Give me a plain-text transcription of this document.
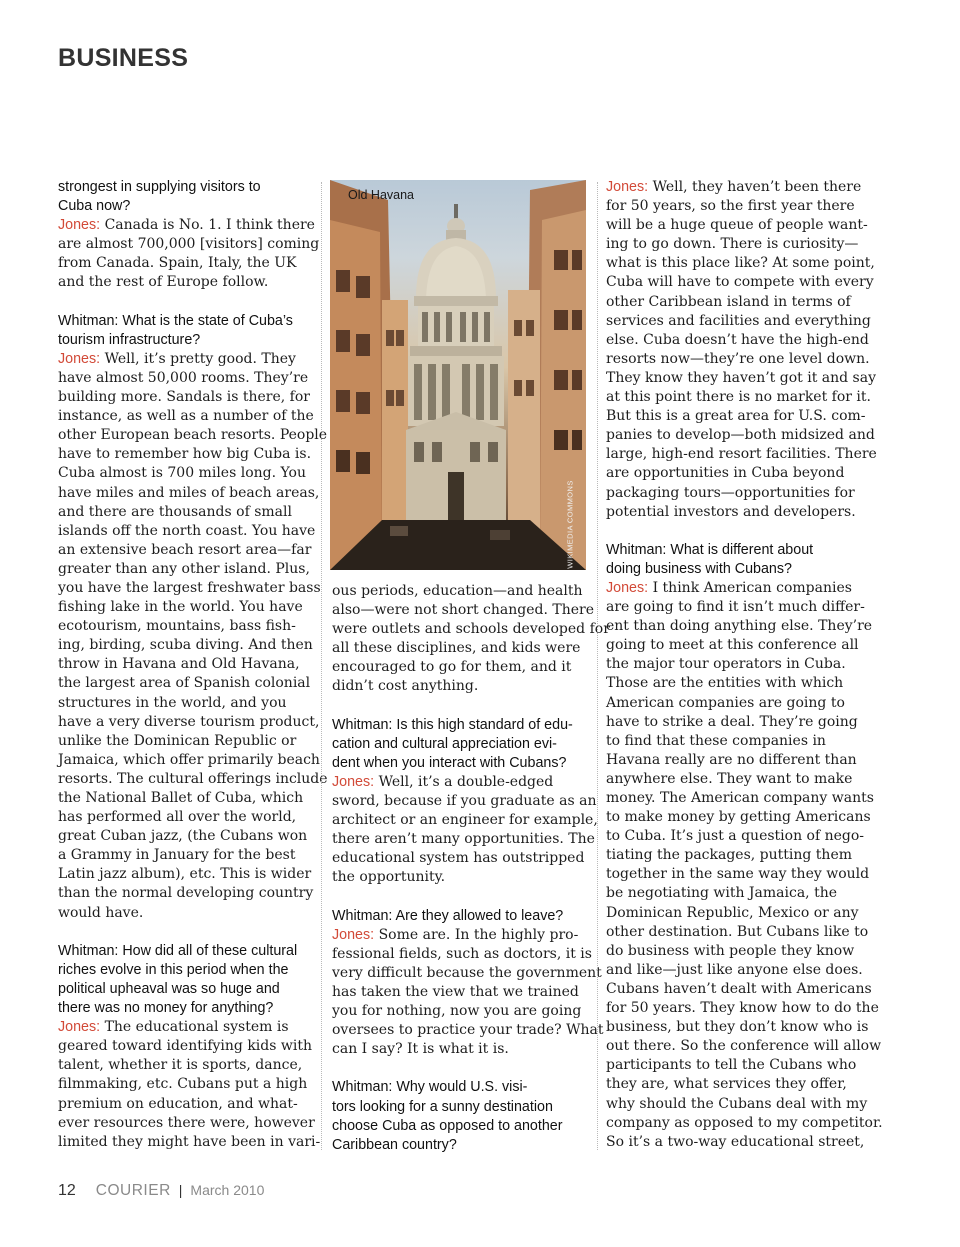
BUSINESS
strongest in supplying visitors to
Cuba now?
Jones: Canada is No. 1. I think there
are almost 700,000 [visitors] coming
from Canada. Spain, Italy, the UK
and the rest of Europe follow.
Whitman: What is the state of Cuba’s
tourism infrastructure?
Jones: Well, it’s pretty good. They
have almost 50,000 rooms. They’re
building more. Sandals is there, for
instance, as well as a number of the
other European beach resorts. People
have to remember how big Cuba is.
Cuba almost is 700 miles long. You
have miles and miles of beach areas,
and there are thousands of small
islands off the north coast. You have
an extensive beach resort area—far
greater than any other island. Plus,
you have the largest freshwater bass
fishing lake in the world. You have
ecotourism, mountains, bass fish-
ing, birding, scuba diving. And then
throw in Havana and Old Havana,
the largest area of Spanish colonial
structures in the world, and you
have a very diverse tourism product,
unlike the Dominican Republic or
Jamaica, which offer primarily beach
resorts. The cultural offerings include
the National Ballet of Cuba, which
has performed all over the world,
great Cuban jazz, (the Cubans won
a Grammy in January for the best
Latin jazz album), etc. This is wider
than the normal developing country
would have.
Whitman: How did all of these cultural
riches evolve in this period when the
political upheaval was so huge and
there was no money for anything?
Jones: The educational system is
geared toward identifying kids with
talent, whether it is sports, dance,
filmmaking, etc. Cubans put a high
premium on education, and what-
ever resources there were, however
limited they might have been in vari-
Old Havana
WIKIMEDIA COMMONS
ous periods, education—and health
also—were not short changed. There
were outlets and schools developed for
all these disciplines, and kids were
encouraged to go for them, and it
didn’t cost anything.
Whitman: Is this high standard of edu-
cation and cultural appreciation evi-
dent when you interact with Cubans?
Jones: Well, it’s a double-edged
sword, because if you graduate as an
architect or an engineer for example,
there aren’t many opportunities. The
educational system has outstripped
the opportunity.
Whitman: Are they allowed to leave?
Jones: Some are. In the highly pro-
fessional fields, such as doctors, it is
very difficult because the government
has taken the view that we trained
you for nothing, now you are going
oversees to practice your trade? What
can I say? It is what it is.
Whitman: Why would U.S. visi-
tors looking for a sunny destination
choose Cuba as opposed to another
Caribbean country?
Jones: Well, they haven’t been there
for 50 years, so the first year there
will be a huge queue of people want-
ing to go down. There is curiosity—
what is this place like? At some point,
Cuba will have to compete with every
other Caribbean island in terms of
services and facilities and everything
else. Cuba doesn’t have the high-end
resorts now—they’re one level down.
They know they haven’t got it and say
at this point there is no market for it.
But this is a great area for U.S. com-
panies to develop—both midsized and
large, high-end resort facilities. There
are opportunities in Cuba beyond
packaging tours—opportunities for
potential investors and developers.
Whitman: What is different about
doing business with Cubans?
Jones: I think American companies
are going to find it isn’t much differ-
ent than doing anything else. They’re
going to meet at this conference all
the major tour operators in Cuba.
Those are the entities with which
American companies are going to
have to strike a deal. They’re going
to find that these companies in
Havana really are no different than
anywhere else. They want to make
money. The American company wants
to make money by getting Americans
to Cuba. It’s just a question of nego-
tiating the packages, putting them
together in the same way they would
be negotiating with Jamaica, the
Dominican Republic, Mexico or any
other destination. But Cubans like to
do business with people they know
and like—just like anyone else does.
Cubans haven’t dealt with Americans
for 50 years. They know how to do the
business, but they don’t know who is
out there. So the conference will allow
participants to tell the Cubans who
they are, what services they offer,
why should the Cubans deal with my
company as opposed to my competitor.
So it’s a two-way educational street,
12 COURIER | March 2010
